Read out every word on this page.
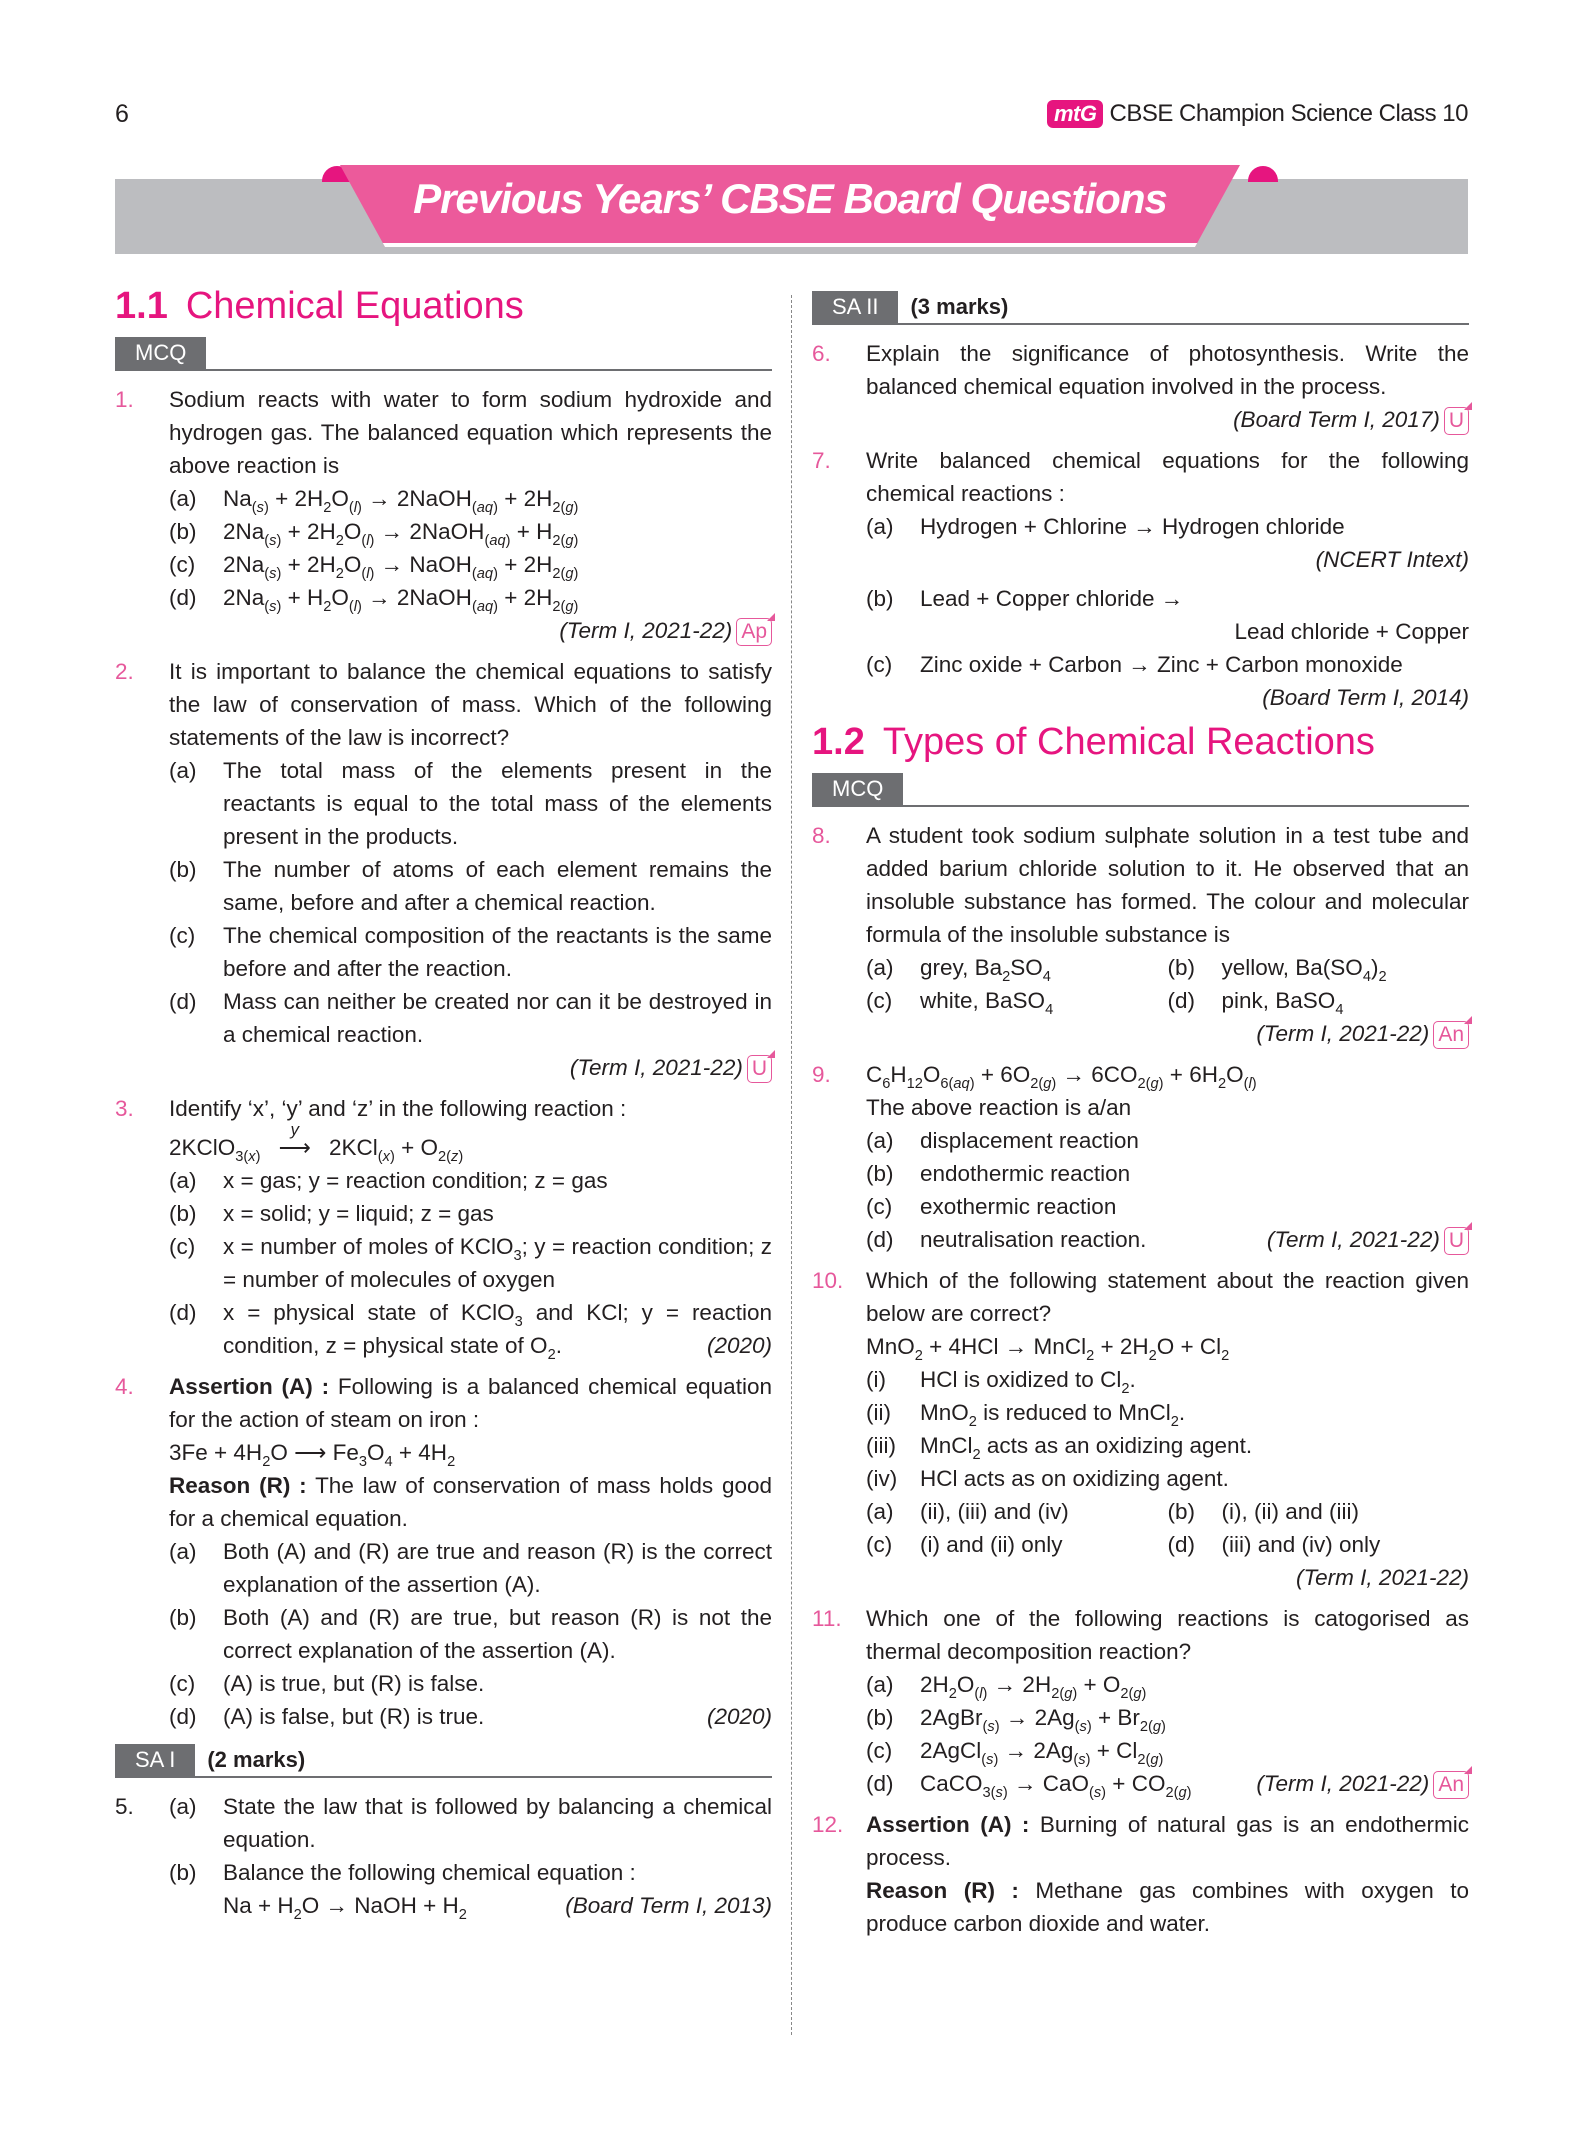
6	mtG CBSE Champion Science Class 10
Previous Years’ CBSE Board Questions
1.1 Chemical Equations
MCQ
1.	Sodium reacts with water to form sodium hydroxide and hydrogen gas. The balanced equation which represents the above reaction is
(a)	$Na_{(s)} + 2H_2O_{(l)}$ → 2NaOH$_{(aq)}$ + $2H_{2(g)}$
(b)	$2Na_{(s)} + 2H_2O_{(l)}$ → 2NaOH$_{(aq)}$ + $H_{2(g)}$
(c)	$2Na_{(s)} + 2H_2O_{(l)}$ → NaOH$_{(aq)}$ + $2H_{2(g)}$
(d)	$2Na_{(s)} + H_2O_{(l)}$ → 2NaOH$_{(aq)}$ + $2H_{2(g)}$
(Term I, 2021-22) Ap
2.	It is important to balance the chemical equations to satisfy the law of conservation of mass. Which of the following statements of the law is incorrect?
(a)	The total mass of the elements present in the reactants is equal to the total mass of the elements present in the products.
(b)	The number of atoms of each element remains the same, before and after a chemical reaction.
(c)	The chemical composition of the reactants is the same before and after the reaction.
(d)	Mass can neither be created nor can it be destroyed in a chemical reaction.
(Term I, 2021-22) U
3.	Identify ‘x’, ‘y’ and ‘z’ in the following reaction :
2KClO$_{3(x)}$
y
⟶ $2KCl_{(x)} + O_{2(z)}$
(a)	x = gas; y = reaction condition; z = gas
(b)	x = solid; y = liquid; z = gas
(c)	x = number of moles of KClO$_3$; y = reaction condition; z = number of molecules of oxygen
(d)	x = physical state of KClO$_3$ and KCl; y = reaction condition, z = physical state of $O_2$.	(2020)
4.	Assertion (A) : Following is a balanced chemical equation for the action of steam on iron :
$3Fe + 4H_2O$ ⟶ $Fe_3O_4 + 4H_2$
Reason (R) : The law of conservation of mass holds good for a chemical equation.
(a)	Both (A) and (R) are true and reason (R) is the correct explanation of the assertion (A).
(b)	Both (A) and (R) are true, but reason (R) is not the correct explanation of the assertion (A).
(c)	(A) is true, but (R) is false.
(d)	(A) is false, but (R) is true.	(2020)
SA I	(2 marks)
5.	(a)	State the law that is followed by balancing a chemical equation.
(b)	Balance the following chemical equation :

$Na + H_2O$ → NaOH + $H_2$	(Board Term I, 2013)
SA II	(3 marks)
6.	Explain the significance of photosynthesis. Write the balanced chemical equation involved in the process.
(Board Term I, 2017) U
7.	Write balanced chemical equations for the following chemical reactions :
(a)	Hydrogen + Chlorine → Hydrogen chloride
(NCERT Intext)
(b)	Lead + Copper chloride →
Lead chloride + Copper
(c)	Zinc oxide + Carbon → Zinc + Carbon monoxide
(Board Term I, 2014)
1.2 Types of Chemical Reactions
MCQ
8.	A student took sodium sulphate solution in a test tube and added barium chloride solution to it. He observed that an insoluble substance has formed. The colour and molecular formula of the insoluble substance is
(a)	grey, $Ba_2SO_4$	(b)	yellow, $Ba(SO_4)_2$
(c)	white, BaSO$_4$	(d)	pink, BaSO$_4$
(Term I, 2021-22) An
9.	$C_6H_{12}O_{6(aq)} + 6O_{2(g)} \to 6CO_{2(g)} + 6H_2O_{(l)}$
The above reaction is a/an
(a)	displacement reaction
(b)	endothermic reaction
(c)	exothermic reaction
(d)	neutralisation reaction.	(Term I, 2021-22) U
10.	Which of the following statement about the reaction given below are correct?
MnO$_2$ + 4HCl → MnCl$_2$ + $2H_2O + Cl_2$
(i)	HCl is oxidized to $Cl_2$.
(ii)	MnO$_2$ is reduced to MnCl$_2$.
(iii)	MnCl$_2$ acts as an oxidizing agent.
(iv)	HCl acts as on oxidizing agent.
(a)	(ii), (iii) and (iv)	(b)	(i), (ii) and (iii)
(c)	(i) and (ii) only	(d)	(iii) and (iv) only
(Term I, 2021-22)
11.	Which one of the following reactions is catogorised as thermal decomposition reaction?
(a)	$2H_2O_{(l)} \to 2H_{2(g)} + O_{2(g)}$
(b)	2AgBr$_{(s)}$ → $2Ag_{(s)} + Br_{2(g)}$
(c)	2AgCl$_{(s)}$ → $2Ag_{(s)} + Cl_{2(g)}$
(d)	CaCO$_{3(s)}$ → $CaO_{(s)} + CO_{2(g)}$	(Term I, 2021-22) An
12.	Assertion (A) : Burning of natural gas is an endothermic process.
Reason (R) : Methane gas combines with oxygen to produce carbon dioxide and water.
